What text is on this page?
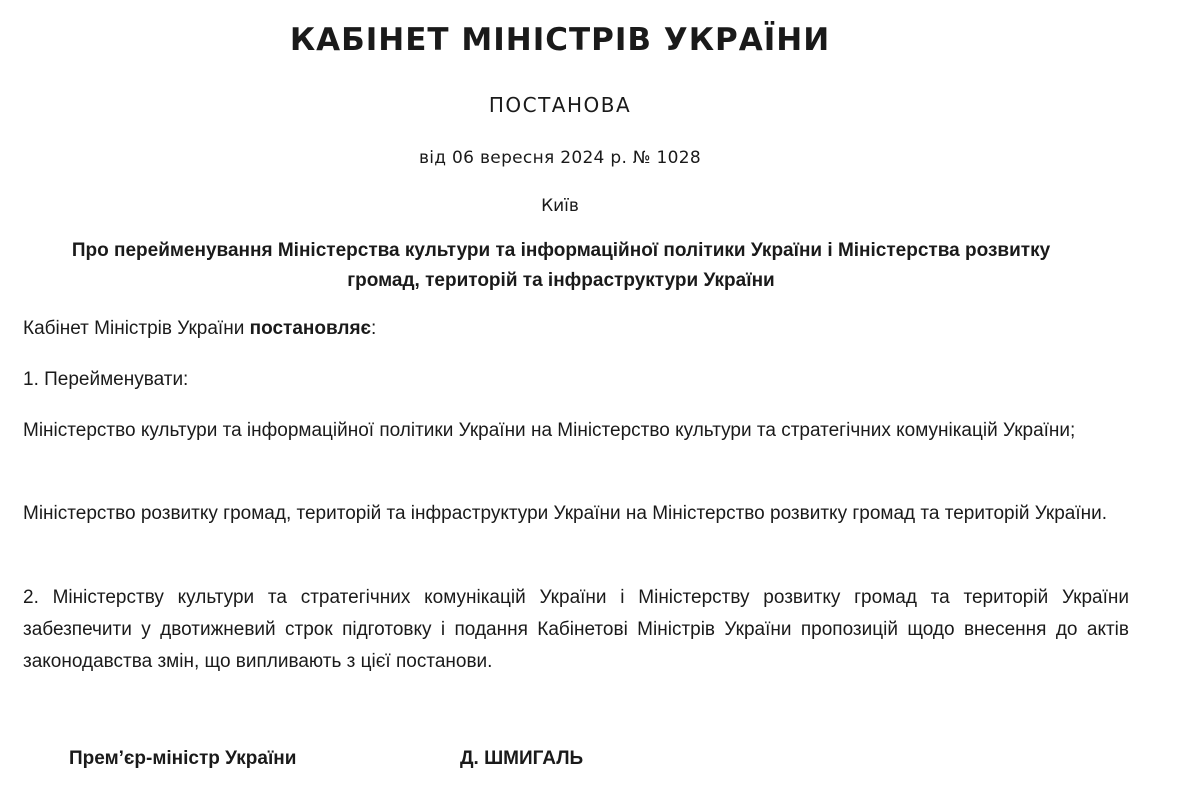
КАБІНЕТ МІНІСТРІВ УКРАЇНИ
ПОСТАНОВА
від 06 вересня 2024 р. № 1028
Київ
Про перейменування Міністерства культури та інформаційної політики України і Міністерства розвитку
громад, територій та інфраструктури України

Кабінет Міністрів України постановляє:

1. Перейменувати:

Міністерство культури та інформаційної політики України на Міністерство культури та стратегічних комунікацій України;

Міністерство розвитку громад, територій та інфраструктури України на Міністерство розвитку громад та територій України.

2. Міністерству культури та стратегічних комунікацій України і Міністерству розвитку громад та територій України забезпечити у двотижневий строк підготовку і подання Кабінетові Міністрів України пропозицій щодо внесення до актів законодавства змін, що випливають з цієї постанови.

Прем’єр-міністр України	Д. ШМИГАЛЬ
